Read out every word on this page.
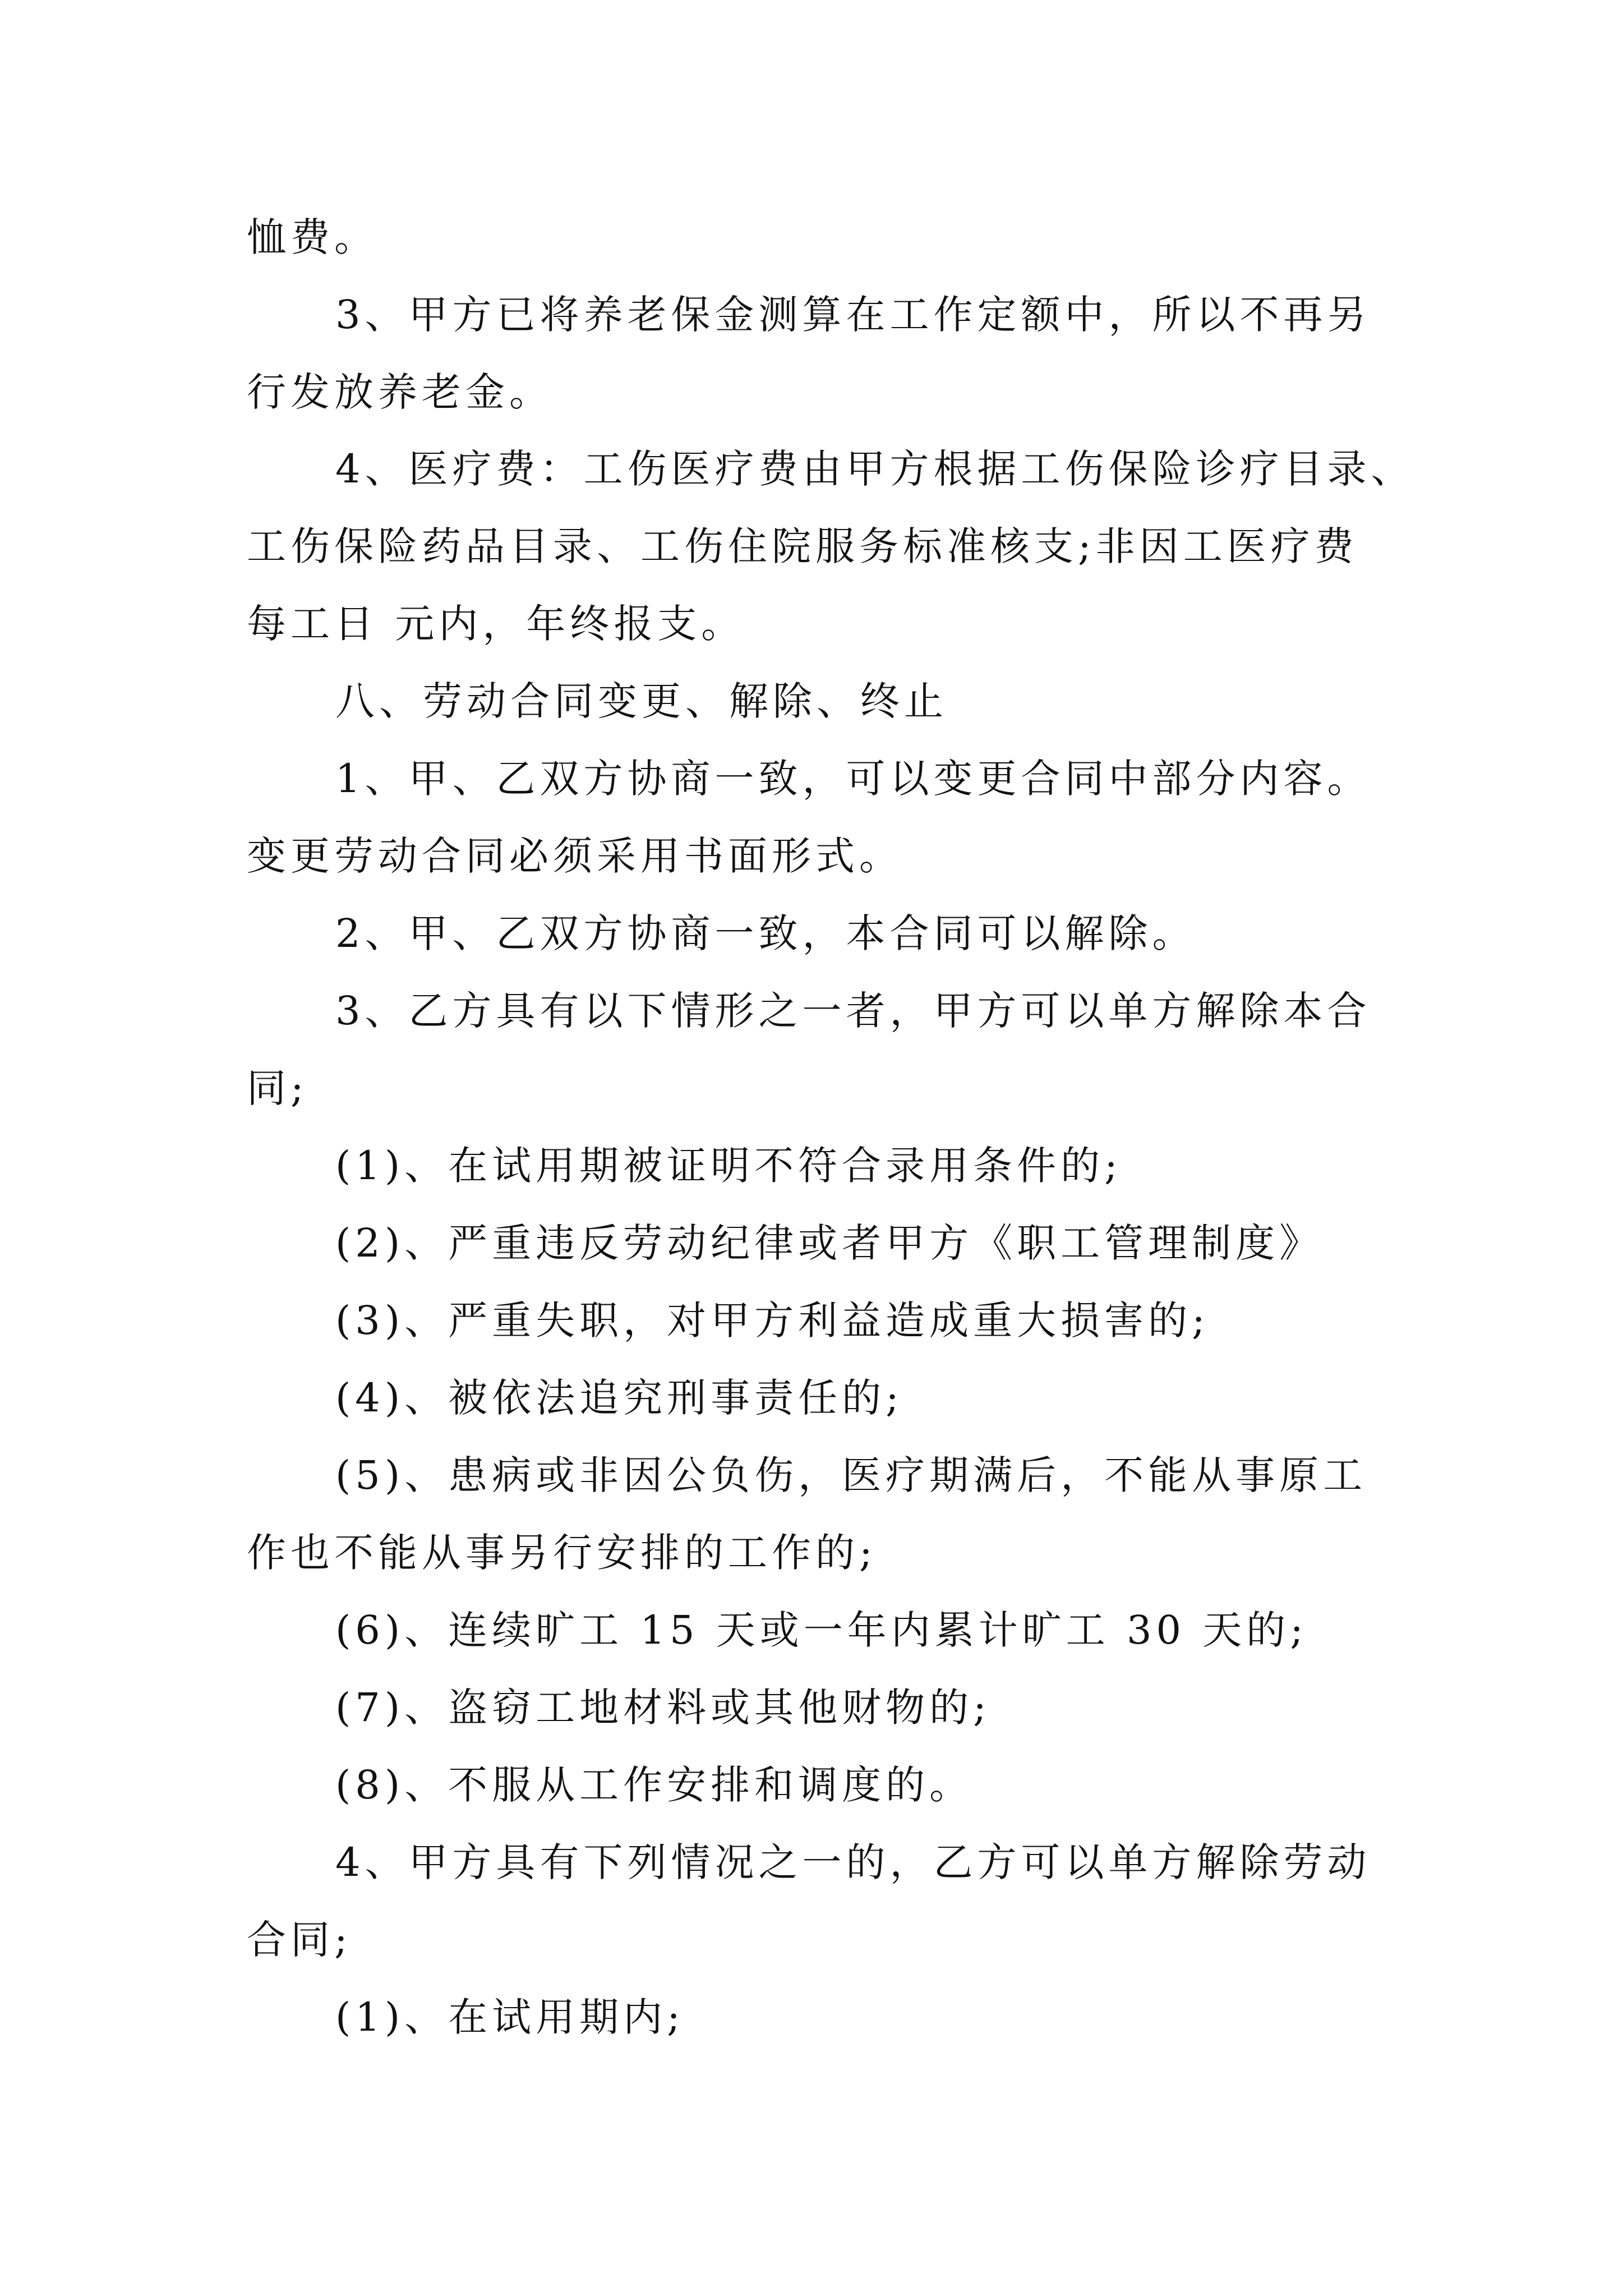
恤费。
3、甲方已将养老保金测算在工作定额中，所以不再另
行发放养老金。
4、医疗费：工伤医疗费由甲方根据工伤保险诊疗目录、
工伤保险药品目录、工伤住院服务标准核支;非因工医疗费
每工日 元内，年终报支。
八、劳动合同变更、解除、终止
1、甲、乙双方协商一致，可以变更合同中部分内容。
变更劳动合同必须采用书面形式。
2、甲、乙双方协商一致，本合同可以解除。
3、乙方具有以下情形之一者，甲方可以单方解除本合
同;
(1)、在试用期被证明不符合录用条件的;
(2)、严重违反劳动纪律或者甲方《职工管理制度》
(3)、严重失职，对甲方利益造成重大损害的;
(4)、被依法追究刑事责任的;
(5)、患病或非因公负伤，医疗期满后，不能从事原工
作也不能从事另行安排的工作的;
(6)、连续旷工 15 天或一年内累计旷工 30 天的;
(7)、盗窃工地材料或其他财物的;
(8)、不服从工作安排和调度的。
4、甲方具有下列情况之一的，乙方可以单方解除劳动
合同;
(1)、在试用期内;
